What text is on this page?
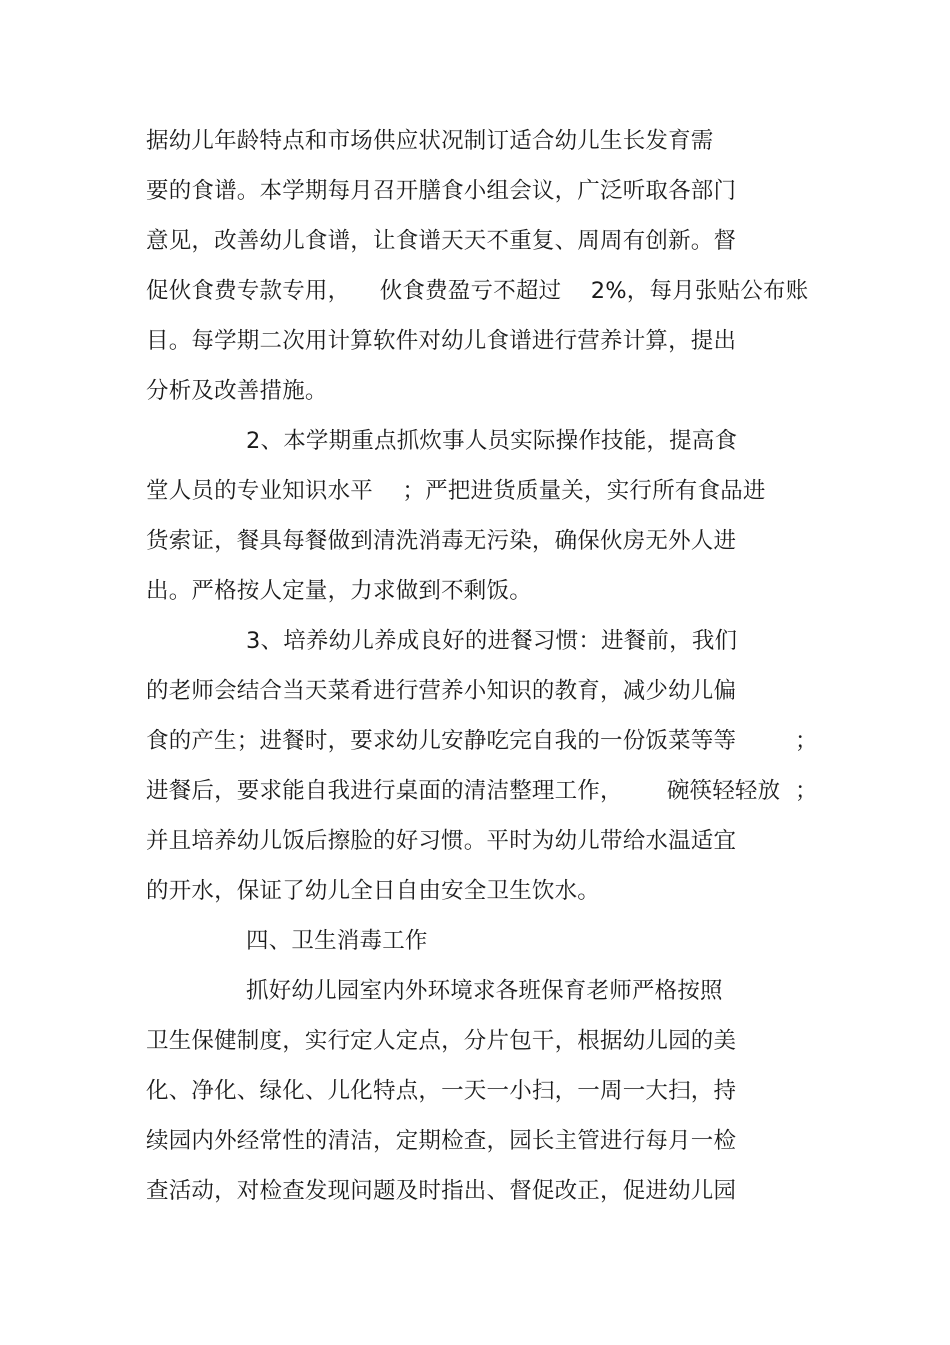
据幼儿年龄特点和市场供应状况制订适合幼儿生长发育需
要的食谱。本学期每月召开膳食小组会议，广泛听取各部门
意见，改善幼儿食谱，让食谱天天不重复、周周有创新。督
促伙食费专款专用，    伙食费盈亏不超过    2%，每月张贴公布账
目。每学期二次用计算软件对幼儿食谱进行营养计算，提出
分析及改善措施。
2、本学期重点抓炊事人员实际操作技能，提高食
堂人员的专业知识水平    ；严把进货质量关，实行所有食品进
货索证，餐具每餐做到清洗消毒无污染，确保伙房无外人进
出。严格按人定量，力求做到不剩饭。
3、培养幼儿养成良好的进餐习惯：进餐前，我们
的老师会结合当天菜肴进行营养小知识的教育，减少幼儿偏
食的产生；进餐时，要求幼儿安静吃完自我的一份饭菜等等        ；
进餐后，要求能自我进行桌面的清洁整理工作，      碗筷轻轻放  ；
并且培养幼儿饭后擦脸的好习惯。平时为幼儿带给水温适宜
的开水，保证了幼儿全日自由安全卫生饮水。
四、卫生消毒工作
抓好幼儿园室内外环境求各班保育老师严格按照
卫生保健制度，实行定人定点，分片包干，根据幼儿园的美
化、净化、绿化、儿化特点，一天一小扫，一周一大扫，持
续园内外经常性的清洁，定期检查，园长主管进行每月一检
查活动，对检查发现问题及时指出、督促改正，促进幼儿园
